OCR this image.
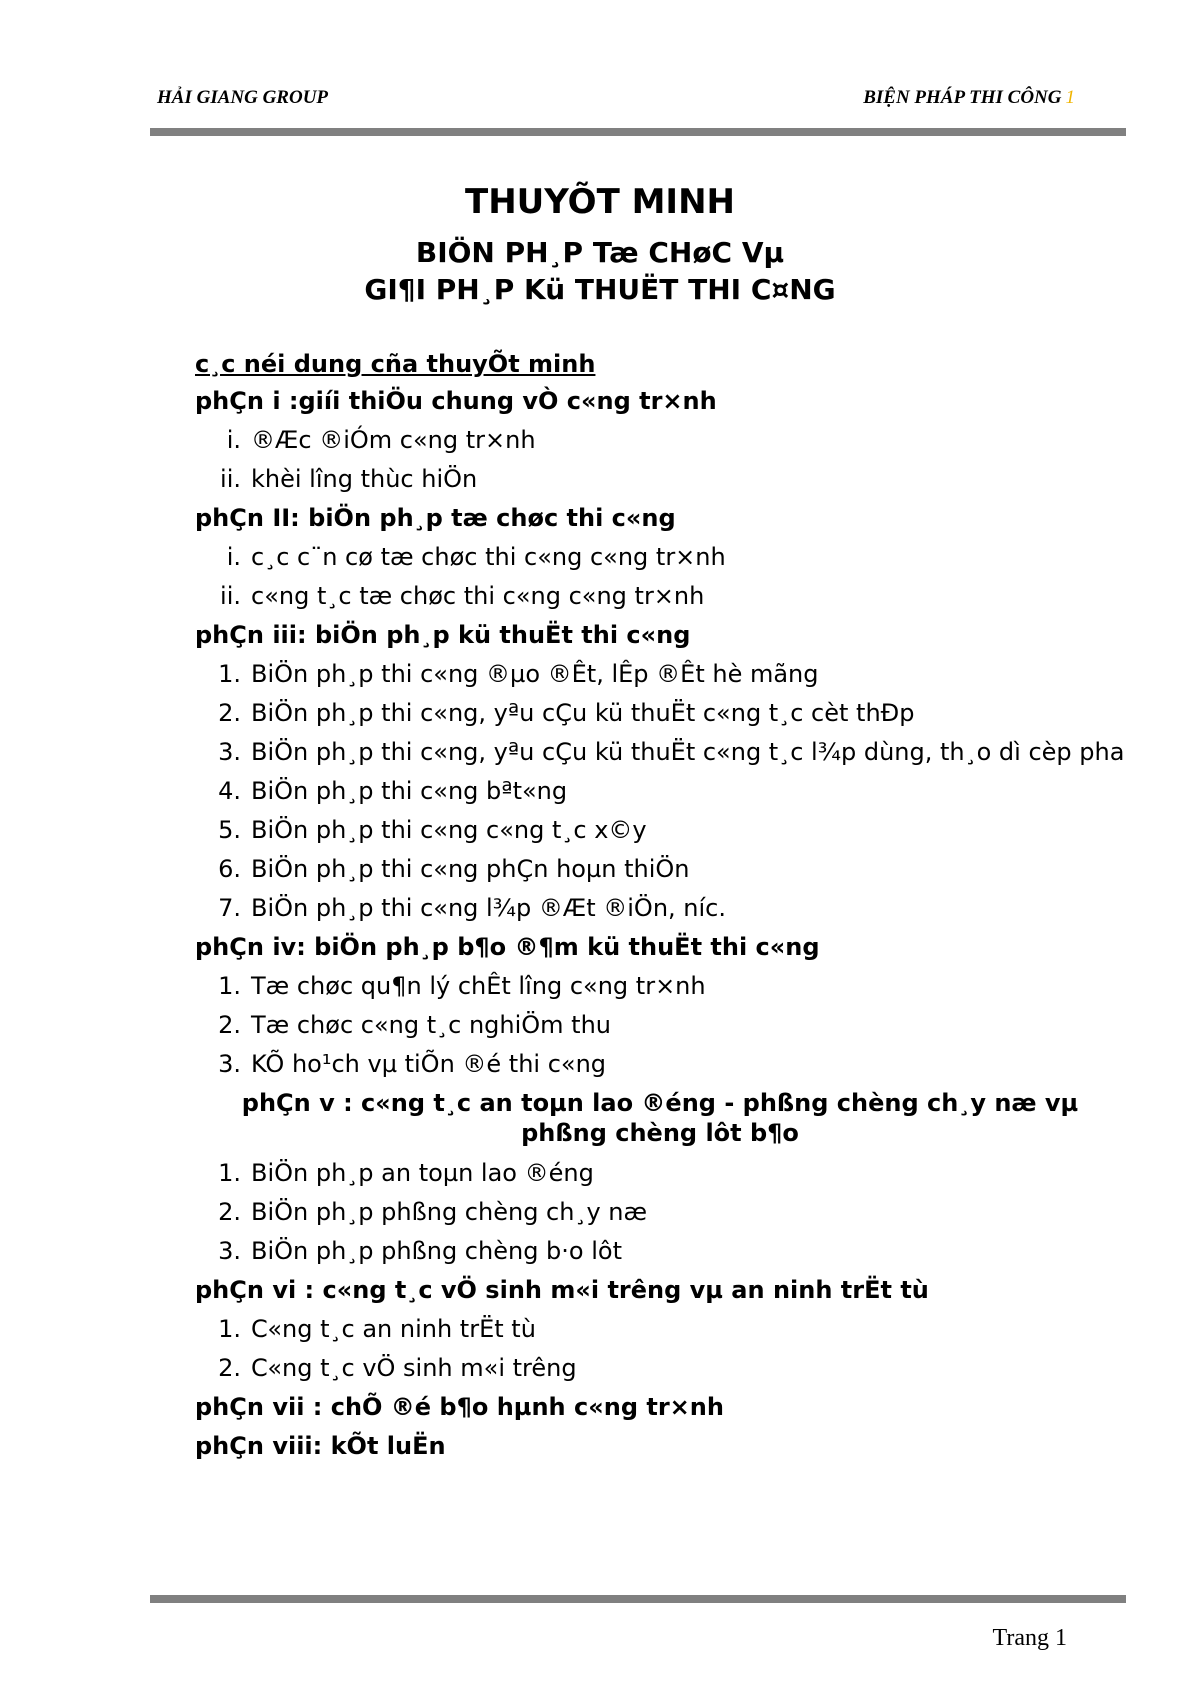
HẢI GIANG GROUP	BIỆN PHÁP THI CÔNG 1
THUYÕT MINH
BIÖN PH¸P Tæ CHøC Vµ
GI¶I PH¸P Kü THUËT THI C¤NG
c¸c néi dung cña thuyÕt minh
phÇn i :giíi thiÖu chung vÒ c«ng tr×nh
i. ®Æc ®iÓm c«ng tr×nh
ii. khèi lîng thùc hiÖn
phÇn II: biÖn ph¸p tæ chøc thi c«ng
i. c¸c c¨n cø tæ chøc thi c«ng c«ng tr×nh
ii. c«ng t¸c tæ chøc thi c«ng c«ng tr×nh
phÇn iii: biÖn ph¸p kü thuËt thi c«ng
1. BiÖn ph¸p thi c«ng ®µo ®Êt, lÊp ®Êt hè mãng
2. BiÖn ph¸p thi c«ng, yªu cÇu kü thuËt c«ng t¸c cèt thÐp
3. BiÖn ph¸p thi c«ng, yªu cÇu kü thuËt c«ng t¸c l¾p dùng, th¸o dì cèp pha
4. BiÖn ph¸p thi c«ng bªt«ng
5. BiÖn ph¸p thi c«ng c«ng t¸c x©y
6. BiÖn ph¸p thi c«ng phÇn hoµn thiÖn
7. BiÖn ph¸p thi c«ng l¾p ®Æt ®iÖn, níc.
phÇn iv: biÖn ph¸p b¶o ®¶m kü thuËt thi c«ng
1. Tæ chøc qu¶n lý chÊt lîng c«ng tr×nh
2. Tæ chøc c«ng t¸c nghiÖm thu
3. KÕ ho¹ch vµ tiÕn ®é thi c«ng
phÇn v : c«ng t¸c an toµn lao ®éng - phßng chèng ch¸y næ vµ phßng chèng lôt b¶o
1. BiÖn ph¸p an toµn lao ®éng
2. BiÖn ph¸p phßng chèng ch¸y næ
3. BiÖn ph¸p phßng chèng b·o lôt
phÇn vi : c«ng t¸c vÖ sinh m«i trêng vµ an ninh trËt tù
1. C«ng t¸c an ninh trËt tù
2. C«ng t¸c vÖ sinh m«i trêng
phÇn vii : chÕ ®é b¶o hµnh c«ng tr×nh
phÇn viii: kÕt luËn
Trang 1
